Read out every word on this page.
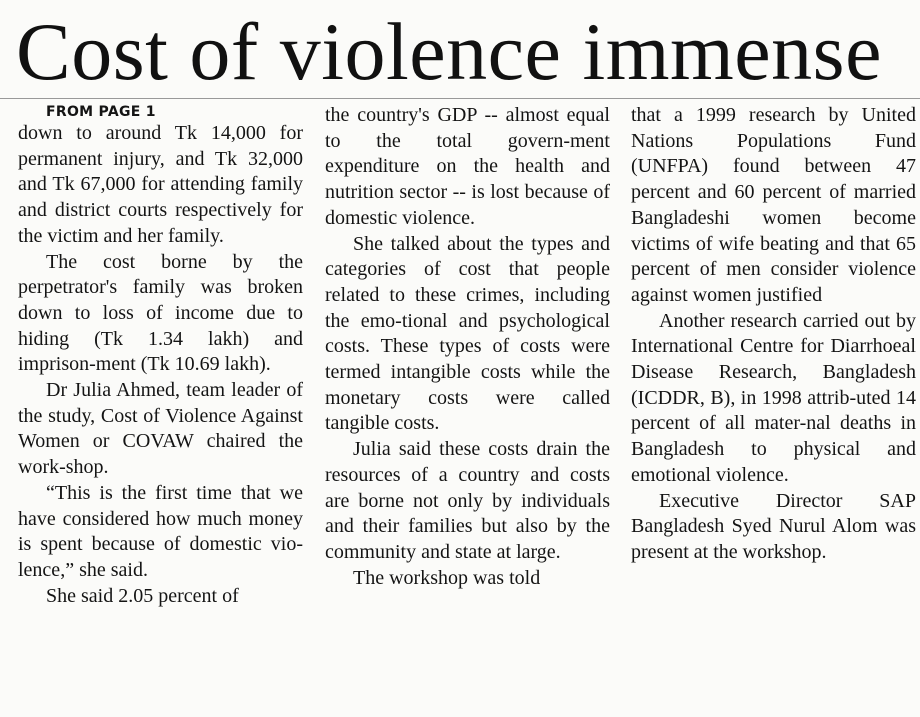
Cost of violence immense

FROM PAGE 1

down to around Tk 14,000 for permanent injury, and Tk 32,000 and Tk 67,000 for attending family and district courts respectively for the victim and her family.

The cost borne by the perpetrator's family was broken down to loss of income due to hiding (Tk 1.34 lakh) and imprison-ment (Tk 10.69 lakh).

Dr Julia Ahmed, team leader of the study, Cost of Violence Against Women or COVAW chaired the work-shop.

“This is the first time that we have considered how much money is spent because of domestic vio-lence,” she said.

She said 2.05 percent of

the country's GDP -- almost equal to the total govern-ment expenditure on the health and nutrition sector -- is lost because of domestic violence.

She talked about the types and categories of cost that people related to these crimes, including the emo-tional and psychological costs. These types of costs were termed intangible costs while the monetary costs were called tangible costs.

Julia said these costs drain the resources of a country and costs are borne not only by individuals and their families but also by the community and state at large.

The workshop was told

that a 1999 research by United Nations Populations Fund (UNFPA) found between 47 percent and 60 percent of married Bangladeshi women become victims of wife beating and that 65 percent of men consider violence against women justified

Another research carried out by International Centre for Diarrhoeal Disease Research, Bangladesh (ICDDR, B), in 1998 attrib-uted 14 percent of all mater-nal deaths in Bangladesh to physical and emotional violence.

Executive Director SAP Bangladesh Syed Nurul Alom was present at the workshop.
